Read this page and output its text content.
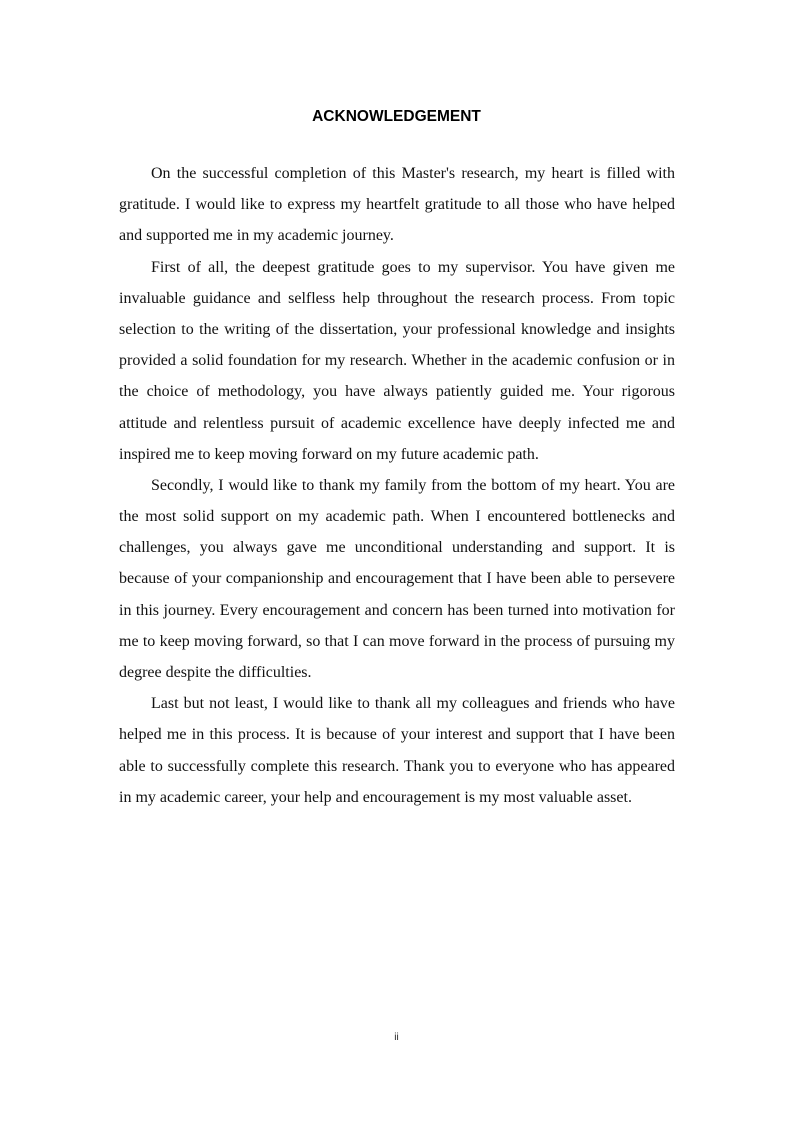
ACKNOWLEDGEMENT
On the successful completion of this Master's research, my heart is filled with
gratitude. I would like to express my heartfelt gratitude to all those who have helped
and supported me in my academic journey.
First of all, the deepest gratitude goes to my supervisor. You have given me
invaluable guidance and selfless help throughout the research process. From topic
selection to the writing of the dissertation, your professional knowledge and insights
provided a solid foundation for my research. Whether in the academic confusion or in
the choice of methodology, you have always patiently guided me. Your rigorous
attitude and relentless pursuit of academic excellence have deeply infected me and
inspired me to keep moving forward on my future academic path.
Secondly, I would like to thank my family from the bottom of my heart. You are
the most solid support on my academic path. When I encountered bottlenecks and
challenges, you always gave me unconditional understanding and support. It is
because of your companionship and encouragement that I have been able to persevere
in this journey. Every encouragement and concern has been turned into motivation for
me to keep moving forward, so that I can move forward in the process of pursuing my
degree despite the difficulties.
Last but not least, I would like to thank all my colleagues and friends who have
helped me in this process. It is because of your interest and support that I have been
able to successfully complete this research. Thank you to everyone who has appeared
in my academic career, your help and encouragement is my most valuable asset.
ii
